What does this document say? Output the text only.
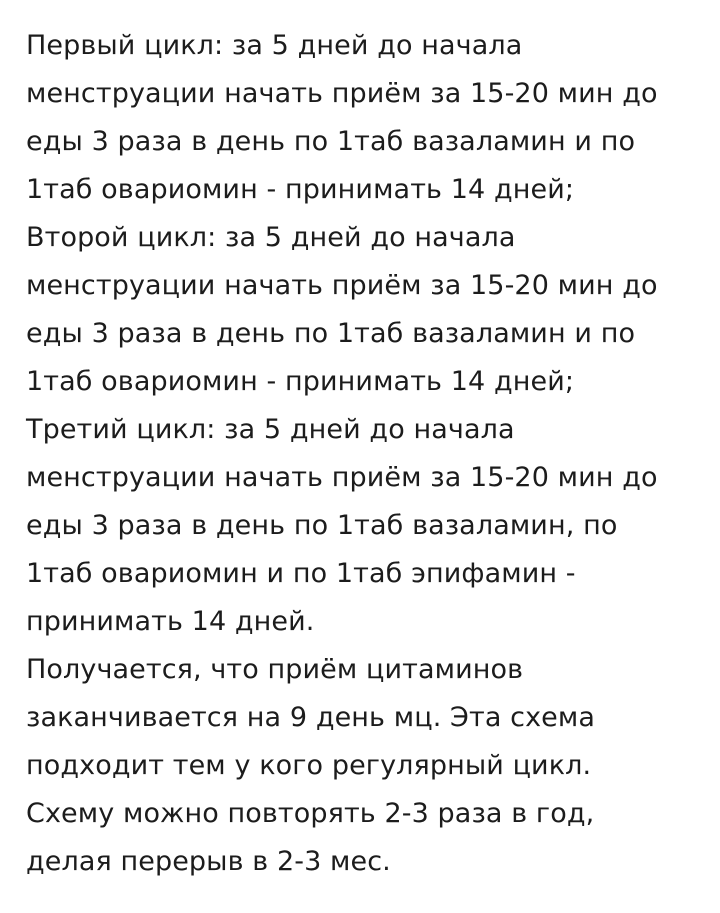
Первый цикл: за 5 дней до начала
менструации начать приём за 15-20 мин до
еды 3 раза в день по 1таб вазаламин и по
1таб овариомин - принимать 14 дней;
Второй цикл: за 5 дней до начала
менструации начать приём за 15-20 мин до
еды 3 раза в день по 1таб вазаламин и по
1таб овариомин - принимать 14 дней;
Третий цикл: за 5 дней до начала
менструации начать приём за 15-20 мин до
еды 3 раза в день по 1таб вазаламин, по
1таб овариомин и по 1таб эпифамин -
принимать 14 дней.
Получается, что приём цитаминов
заканчивается на 9 день мц. Эта схема
подходит тем у кого регулярный цикл.
Схему можно повторять 2-3 раза в год,
делая перерыв в 2-3 мес.
